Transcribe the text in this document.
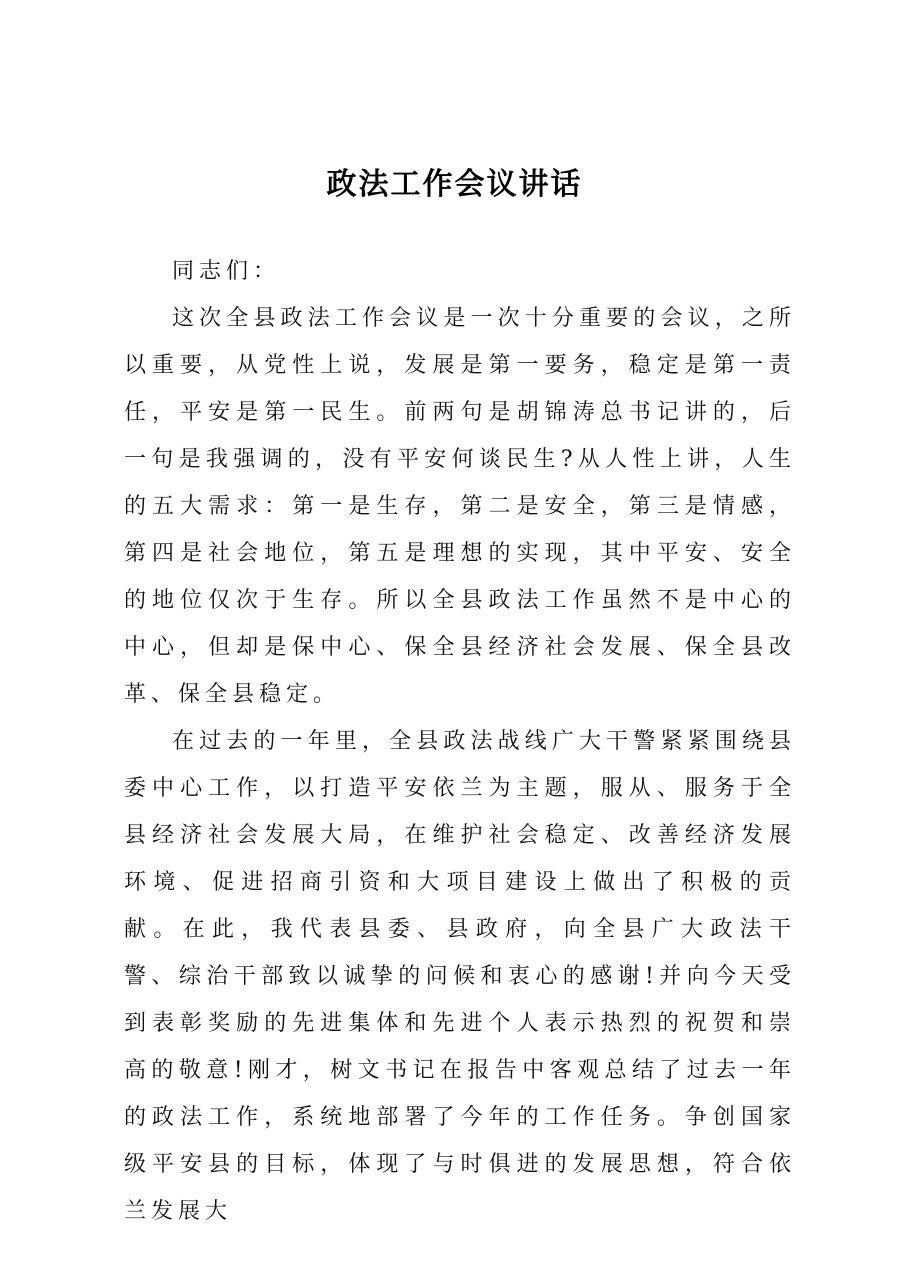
政法工作会议讲话

同志们：

这次全县政法工作会议是一次十分重要的会议，之所以重要，从党性上说，发展是第一要务，稳定是第一责任，平安是第一民生。前两句是胡锦涛总书记讲的，后一句是我强调的，没有平安何谈民生?从人性上讲，人生的五大需求：第一是生存，第二是安全，第三是情感，第四是社会地位，第五是理想的实现，其中平安、安全的地位仅次于生存。所以全县政法工作虽然不是中心的中心，但却是保中心、保全县经济社会发展、保全县改革、保全县稳定。

在过去的一年里，全县政法战线广大干警紧紧围绕县委中心工作，以打造平安依兰为主题，服从、服务于全县经济社会发展大局，在维护社会稳定、改善经济发展环境、促进招商引资和大项目建设上做出了积极的贡献。在此，我代表县委、县政府，向全县广大政法干警、综治干部致以诚挚的问候和衷心的感谢!并向今天受到表彰奖励的先进集体和先进个人表示热烈的祝贺和崇高的敬意!刚才，树文书记在报告中客观总结了过去一年的政法工作，系统地部署了今年的工作任务。争创国家级平安县的目标，体现了与时俱进的发展思想，符合依兰发展大
